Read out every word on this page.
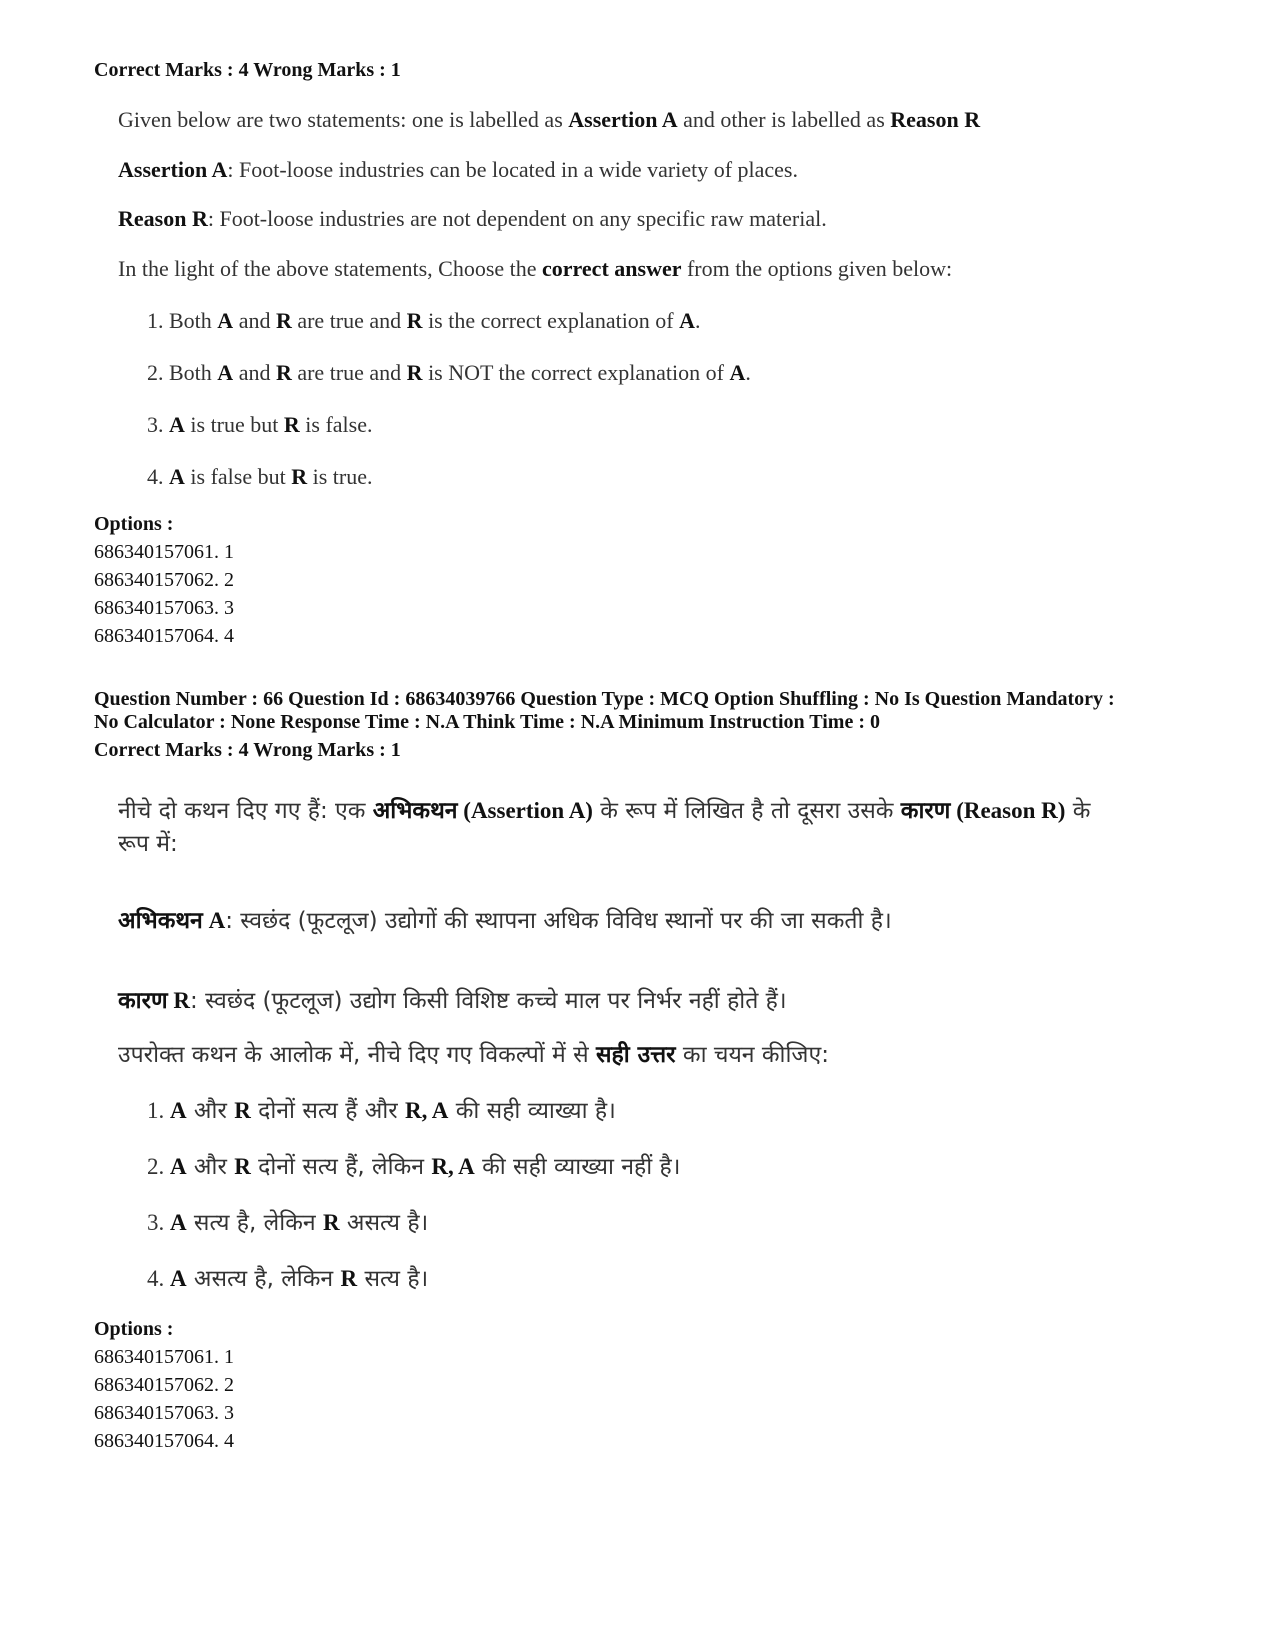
Correct Marks : 4 Wrong Marks : 1
Given below are two statements: one is labelled as Assertion A and other is labelled as Reason R
Assertion A: Foot-loose industries can be located in a wide variety of places.
Reason R: Foot-loose industries are not dependent on any specific raw material.
In the light of the above statements, Choose the correct answer from the options given below:
1. Both A and R are true and R is the correct explanation of A.
2. Both A and R are true and R is NOT the correct explanation of A.
3. A is true but R is false.
4. A is false but R is true.
Options :
686340157061. 1
686340157062. 2
686340157063. 3
686340157064. 4
Question Number : 66 Question Id : 68634039766 Question Type : MCQ Option Shuffling : No Is Question Mandatory :
No Calculator : None Response Time : N.A Think Time : N.A Minimum Instruction Time : 0
Correct Marks : 4 Wrong Marks : 1
नीचे दो कथन दिए गए हैं: एक अभिकथन (Assertion A) के रूप में लिखित है तो दूसरा उसके कारण (Reason R) के
रूप में:
अभिकथन A: स्वछंद (फूटलूज) उद्योगों की स्थापना अधिक विविध स्थानों पर की जा सकती है।
कारण R: स्वछंद (फूटलूज) उद्योग किसी विशिष्ट कच्चे माल पर निर्भर नहीं होते हैं।
उपरोक्त कथन के आलोक में, नीचे दिए गए विकल्पों में से सही उत्तर का चयन कीजिए:
1. A और R दोनों सत्य हैं और R, A की सही व्याख्या है।
2. A और R दोनों सत्य हैं, लेकिन R, A की सही व्याख्या नहीं है।
3. A सत्य है, लेकिन R असत्य है।
4. A असत्य है, लेकिन R सत्य है।
Options :
686340157061. 1
686340157062. 2
686340157063. 3
686340157064. 4
